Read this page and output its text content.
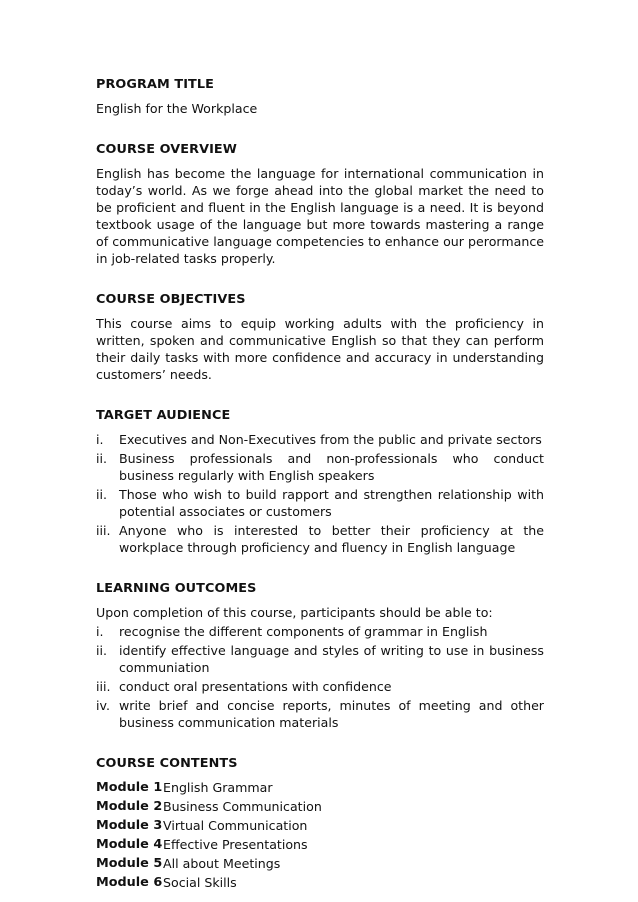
PROGRAM TITLE

English for the Workplace

COURSE OVERVIEW

English has become the language for international communication in today’s world. As we forge ahead into the global market the need to be proficient and fluent in the English language is a need. It is beyond textbook usage of the language but more towards mastering a range of communicative language competencies to enhance our perormance in job-related tasks properly.

COURSE OBJECTIVES

This course aims to equip working adults with the proficiency in written, spoken and communicative English so that they can perform their daily tasks with more confidence and accuracy in understanding customers’ needs.

TARGET AUDIENCE
i.	Executives and Non-Executives from the public and private sectors
ii. Business professionals and non-professionals who conduct business regularly with English speakers
ii. Those who wish to build rapport and strengthen relationship with potential associates or customers
iii. Anyone who is interested to better their proficiency at the workplace through proficiency and fluency in English language
LEARNING OUTCOMES

Upon completion of this course, participants should be able to:

i.	recognise the different components of grammar in English
ii. identify effective language and styles of writing to use in business communiation
iii. conduct oral presentations with confidence
iv. write brief and concise reports, minutes of meeting and other business communication materials
COURSE CONTENTS
Module 1 English Grammar
Module 2 Business Communication
Module 3 Virtual Communication
Module 4 Effective Presentations
Module 5 All about Meetings
Module 6 Social Skills
